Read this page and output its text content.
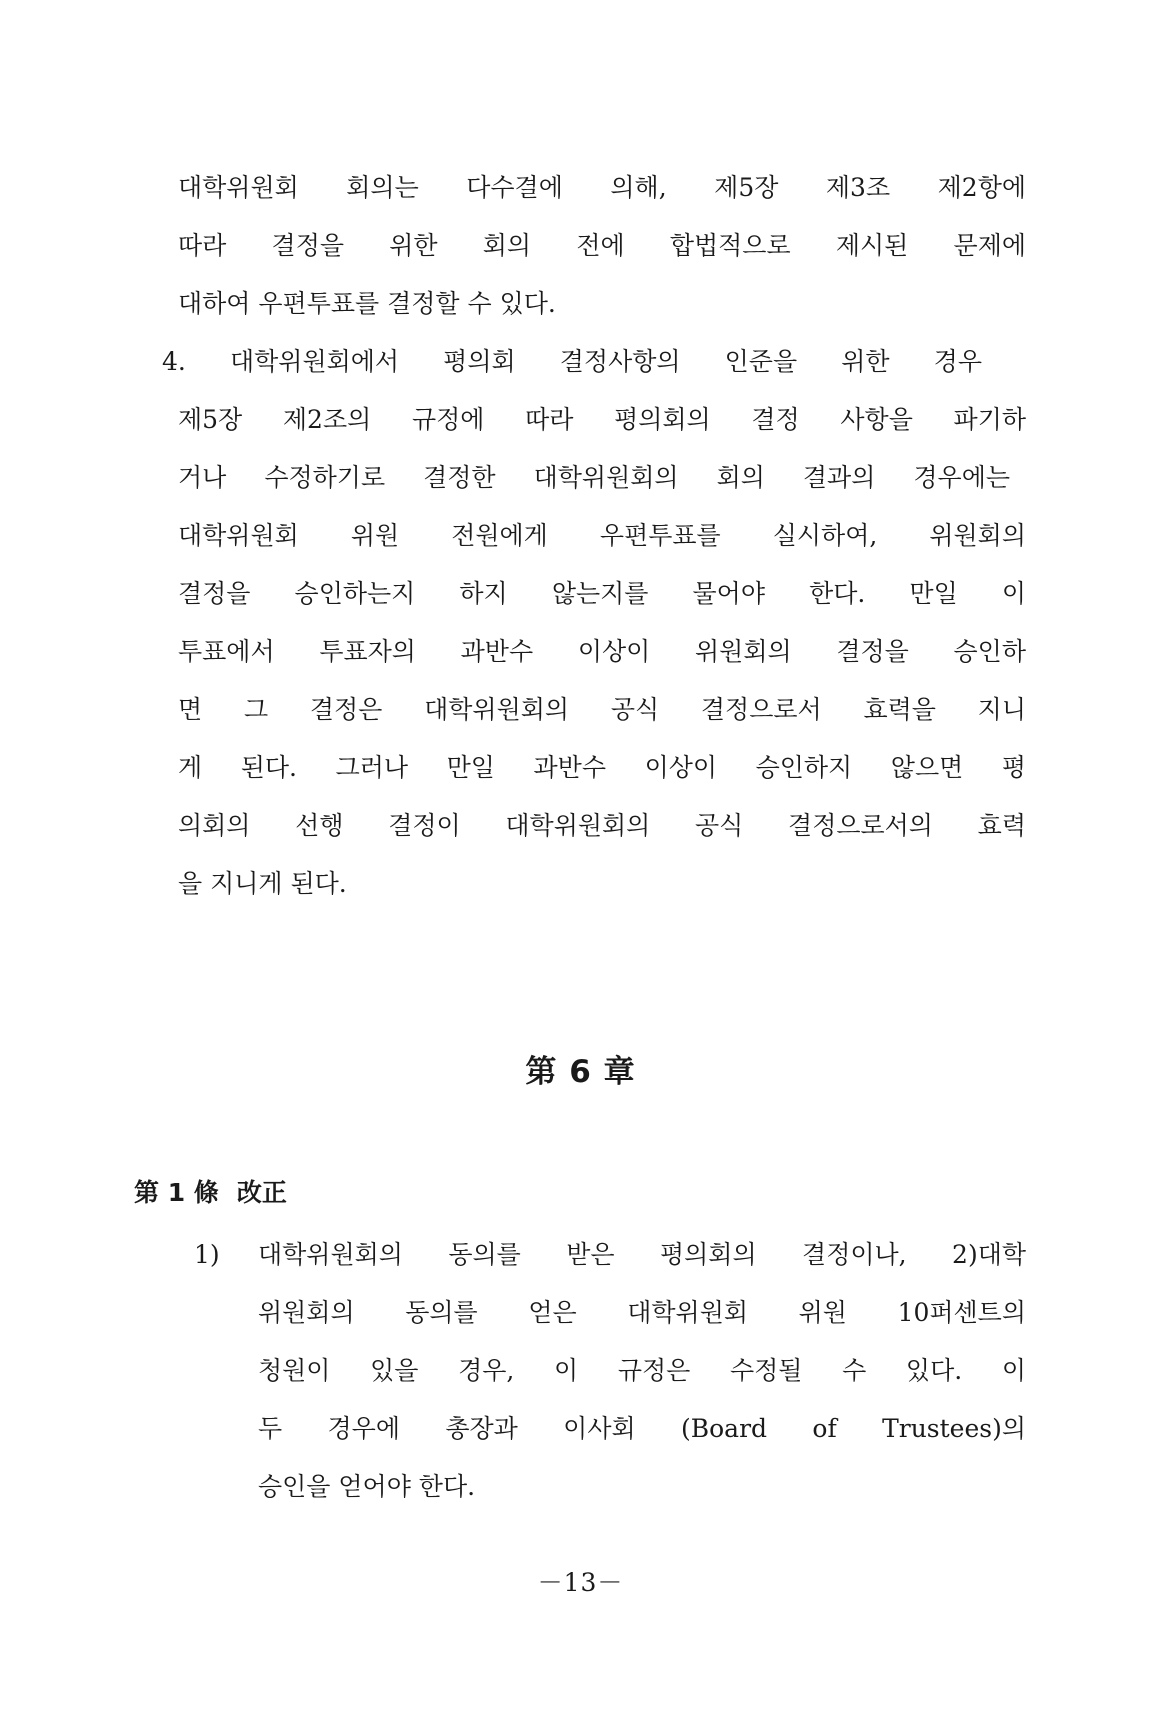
대학위원회 회의는 다수결에 의해, 제5장 제3조 제2항에
따라 결정을 위한 회의 전에 합법적으로 제시된 문제에
대하여 우편투표를 결정할 수 있다.
4. 대학위원회에서 평의회 결정사항의 인준을 위한 경우
제5장 제2조의 규정에 따라 평의회의 결정 사항을 파기하
거나 수정하기로 결정한 대학위원회의 회의 결과의 경우에는
대학위원회 위원 전원에게 우편투표를 실시하여, 위원회의
결정을 승인하는지 하지 않는지를 물어야 한다. 만일 이
투표에서 투표자의 과반수 이상이 위원회의 결정을 승인하
면 그 결정은 대학위원회의 공식 결정으로서 효력을 지니
게 된다. 그러나 만일 과반수 이상이 승인하지 않으면 평
의회의 선행 결정이 대학위원회의 공식 결정으로서의 효력
을 지니게 된다.
第 6 章
第 1 條 改正
1) 대학위원회의 동의를 받은 평의회의 결정이나, 2)대학
위원회의 동의를 얻은 대학위원회 위원 10퍼센트의
청원이 있을 경우, 이 규정은 수정될 수 있다. 이
두 경우에 총장과 이사회 (Board of Trustees)의
승인을 얻어야 한다.
－13－
